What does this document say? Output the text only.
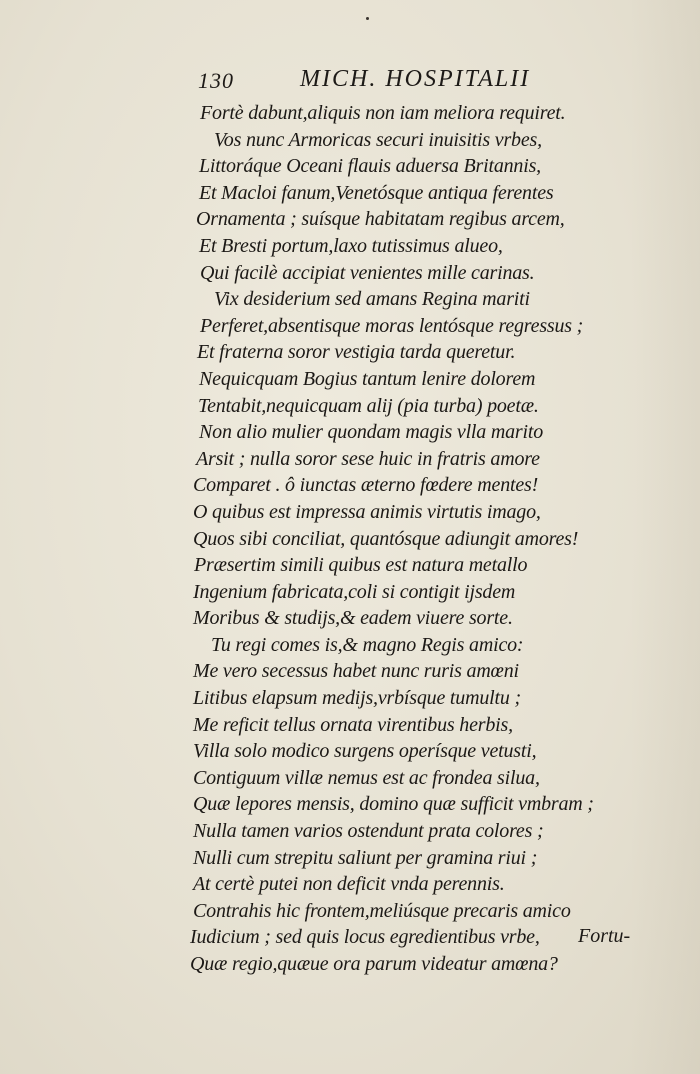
130	MICH. HOSPITALII
Fortè dabunt,aliquis non iam meliora requiret.
Vos nunc Armoricas securi inuisitis vrbes,
Littoráque Oceani flauis aduersa Britannis,
Et Macloi fanum,Venetósque antiqua ferentes
Ornamenta ; suísque habitatam regibus arcem,
Et Bresti portum,laxo tutissimus alueo,
Qui facilè accipiat venientes mille carinas.
Vix desiderium sed amans Regina mariti
Perferet,absentisque moras lentósque regressus ;
Et fraterna soror vestigia tarda queretur.
Nequicquam Bogius tantum lenire dolorem
Tentabit,nequicquam alij (pia turba) poetæ.
Non alio mulier quondam magis vlla marito
Arsit ; nulla soror sese huic in fratris amore
Comparet . ô iunctas æterno fœdere mentes!
O quibus est impressa animis virtutis imago,
Quos sibi conciliat, quantósque adiungit amores!
Præsertim simili quibus est natura metallo
Ingenium fabricata,coli si contigit ijsdem
Moribus & studijs,& eadem viuere sorte.
Tu regi comes is,& magno Regis amico:
Me vero secessus habet nunc ruris amœni
Litibus elapsum medijs,vrbísque tumultu ;
Me reficit tellus ornata virentibus herbis,
Villa solo modico surgens operísque vetusti,
Contiguum villæ nemus est ac frondea silua,
Quæ lepores mensis, domino quæ sufficit vmbram ;
Nulla tamen varios ostendunt prata colores ;
Nulli cum strepitu saliunt per gramina riui ;
At certè putei non deficit vnda perennis.
Contrahis hic frontem,meliúsque precaris amico
Iudicium ; sed quis locus egredientibus vrbe,
Quæ regio,quæue ora parum videatur amœna?
Fortu-
